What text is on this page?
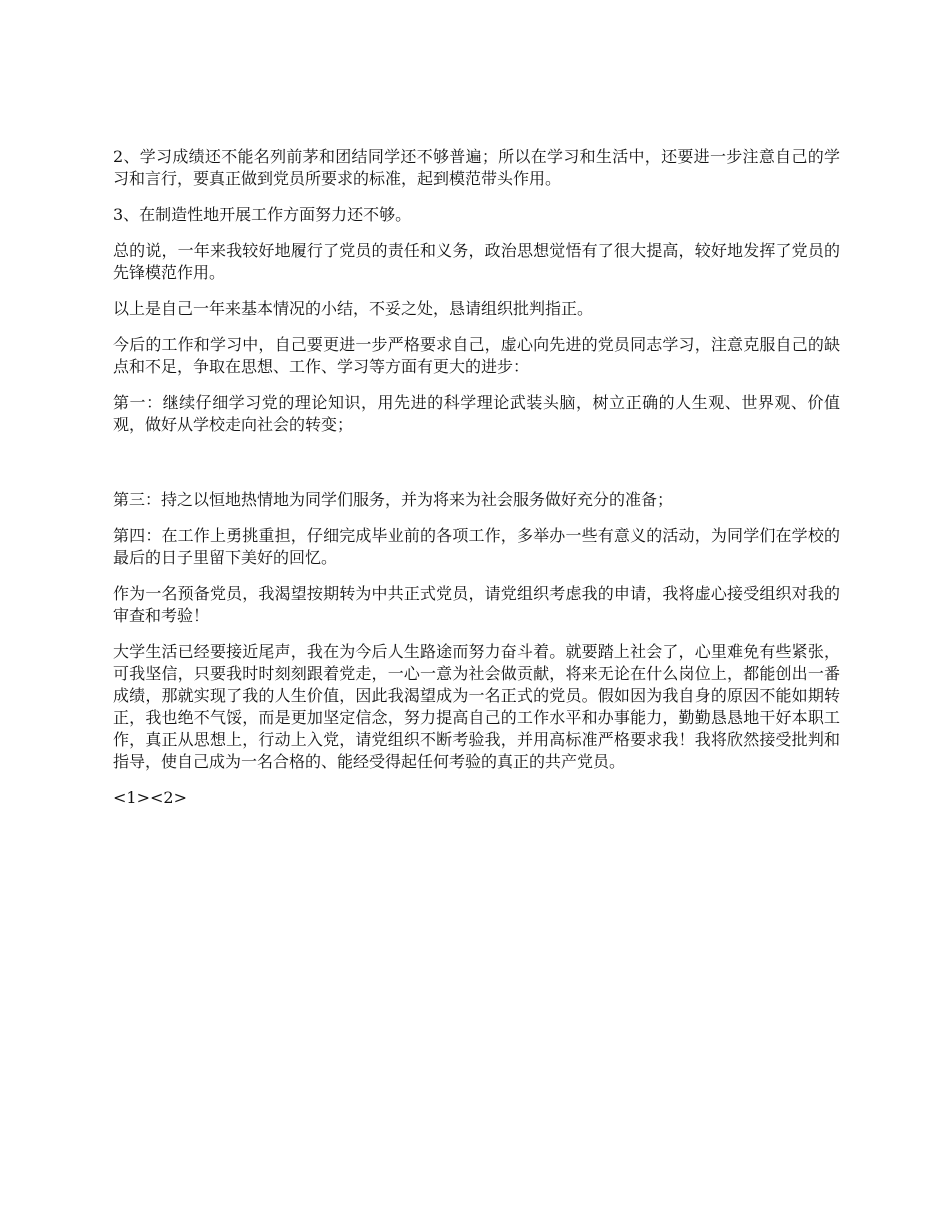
2、学习成绩还不能名列前茅和团结同学还不够普遍；所以在学习和生活中，还要进一步注意自己的学习和言行，要真正做到党员所要求的标准，起到模范带头作用。

3、在制造性地开展工作方面努力还不够。

总的说，一年来我较好地履行了党员的责任和义务，政治思想觉悟有了很大提高，较好地发挥了党员的先锋模范作用。

以上是自己一年来基本情况的小结，不妥之处，恳请组织批判指正。

今后的工作和学习中，自己要更进一步严格要求自己，虚心向先进的党员同志学习，注意克服自己的缺点和不足，争取在思想、工作、学习等方面有更大的进步：

第一：继续仔细学习党的理论知识，用先进的科学理论武装头脑，树立正确的人生观、世界观、价值观，做好从学校走向社会的转变；

第三：持之以恒地热情地为同学们服务，并为将来为社会服务做好充分的准备；

第四：在工作上勇挑重担，仔细完成毕业前的各项工作，多举办一些有意义的活动，为同学们在学校的最后的日子里留下美好的回忆。

作为一名预备党员，我渴望按期转为中共正式党员，请党组织考虑我的申请，我将虚心接受组织对我的审查和考验！

大学生活已经要接近尾声，我在为今后人生路途而努力奋斗着。就要踏上社会了，心里难免有些紧张，可我坚信，只要我时时刻刻跟着党走，一心一意为社会做贡献，将来无论在什么岗位上，都能创出一番成绩，那就实现了我的人生价值，因此我渴望成为一名正式的党员。假如因为我自身的原因不能如期转正，我也绝不气馁，而是更加坚定信念，努力提高自己的工作水平和办事能力，勤勤恳恳地干好本职工作，真正从思想上，行动上入党，请党组织不断考验我，并用高标准严格要求我！我将欣然接受批判和指导，使自己成为一名合格的、能经受得起任何考验的真正的共产党员。

<1><2>
